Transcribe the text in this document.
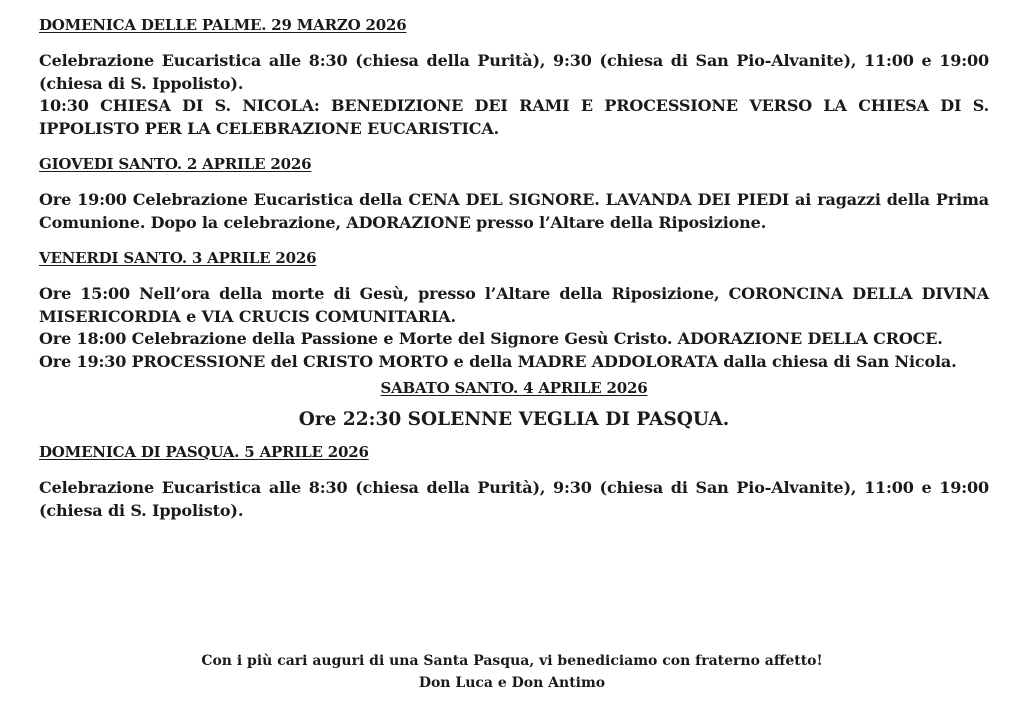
DOMENICA DELLE PALME. 29 MARZO 2026

Celebrazione Eucaristica alle 8:30 (chiesa della Purità), 9:30 (chiesa di San Pio-Alvanite), 11:00 e 19:00 (chiesa di S. Ippolisto).

10:30 CHIESA DI S. NICOLA: BENEDIZIONE DEI RAMI E PROCESSIONE VERSO LA CHIESA DI S. IPPOLISTO PER LA CELEBRAZIONE EUCARISTICA.

GIOVEDI SANTO. 2 APRILE 2026

Ore 19:00 Celebrazione Eucaristica della CENA DEL SIGNORE. LAVANDA DEI PIEDI ai ragazzi della Prima Comunione. Dopo la celebrazione, ADORAZIONE presso l’Altare della Riposizione.

VENERDI SANTO. 3 APRILE 2026

Ore 15:00 Nell’ora della morte di Gesù, presso l’Altare della Riposizione, CORONCINA DELLA DIVINA MISERICORDIA e VIA CRUCIS COMUNITARIA.

Ore 18:00 Celebrazione della Passione e Morte del Signore Gesù Cristo. ADORAZIONE DELLA CROCE.

Ore 19:30 PROCESSIONE del CRISTO MORTO e della MADRE ADDOLORATA dalla chiesa di San Nicola.

SABATO SANTO. 4 APRILE 2026

Ore 22:30 SOLENNE VEGLIA DI PASQUA.

DOMENICA DI PASQUA. 5 APRILE 2026

Celebrazione Eucaristica alle 8:30 (chiesa della Purità), 9:30 (chiesa di San Pio-Alvanite), 11:00 e 19:00 (chiesa di S. Ippolisto).

Con i più cari auguri di una Santa Pasqua, vi benediciamo con fraterno affetto!
Don Luca e Don Antimo
